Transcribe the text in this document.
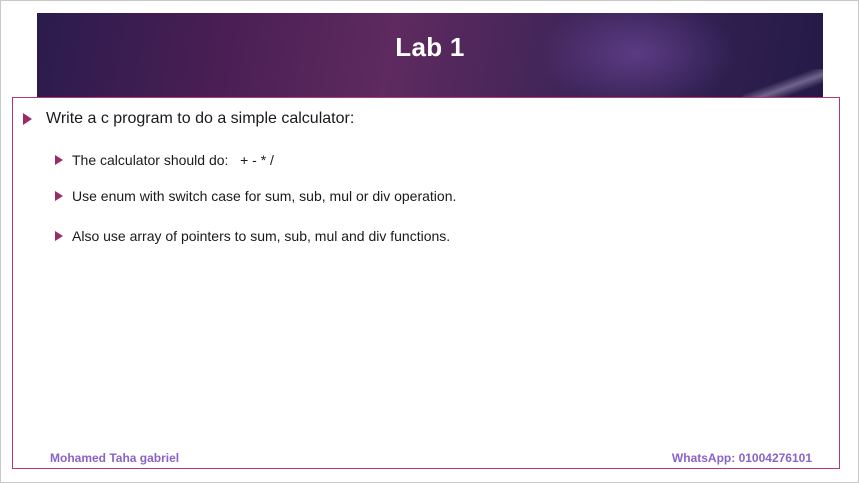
Lab 1
Write a c program to do a simple calculator:
The calculator should do:   + - * /
Use enum with switch case for sum, sub, mul or div operation.
Also use array of pointers to sum, sub, mul and div functions.
Mohamed Taha gabriel	WhatsApp: 01004276101
